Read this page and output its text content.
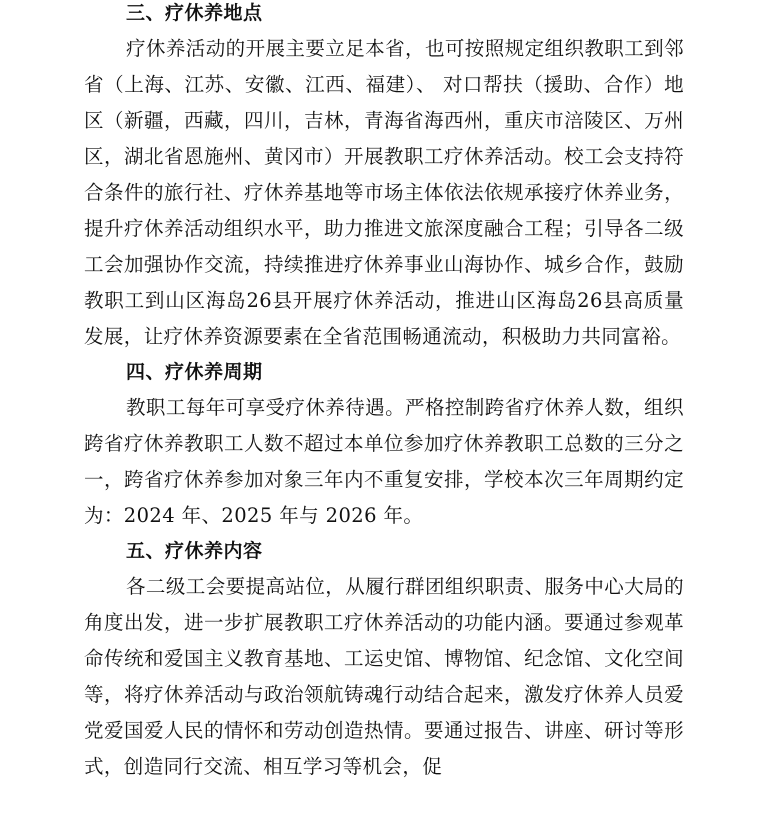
三、疗休养地点

疗休养活动的开展主要立足本省，也可按照规定组织教职工到邻省（上海、江苏、安徽、江西、福建）、 对口帮扶（援助、合作）地区（新疆，西藏，四川，吉林，青海省海西州，重庆市涪陵区、万州区，湖北省恩施州、黄冈市）开展教职工疗休养活动。校工会支持符合条件的旅行社、疗休养基地等市场主体依法依规承接疗休养业务，提升疗休养活动组织水平，助力推进文旅深度融合工程；引导各二级工会加强协作交流，持续推进疗休养事业山海协作、城乡合作，鼓励教职工到山区海岛26县开展疗休养活动，推进山区海岛26县高质量发展，让疗休养资源要素在全省范围畅通流动，积极助力共同富裕。

四、疗休养周期

教职工每年可享受疗休养待遇。严格控制跨省疗休养人数，组织跨省疗休养教职工人数不超过本单位参加疗休养教职工总数的三分之一，跨省疗休养参加对象三年内不重复安排，学校本次三年周期约定为：2024 年、2025 年与 2026 年。

五、疗休养内容

各二级工会要提高站位，从履行群团组织职责、服务中心大局的角度出发，进一步扩展教职工疗休养活动的功能内涵。要通过参观革命传统和爱国主义教育基地、工运史馆、博物馆、纪念馆、文化空间等，将疗休养活动与政治领航铸魂行动结合起来，激发疗休养人员爱党爱国爱人民的情怀和劳动创造热情。要通过报告、讲座、研讨等形式，创造同行交流、相互学习等机会，促
